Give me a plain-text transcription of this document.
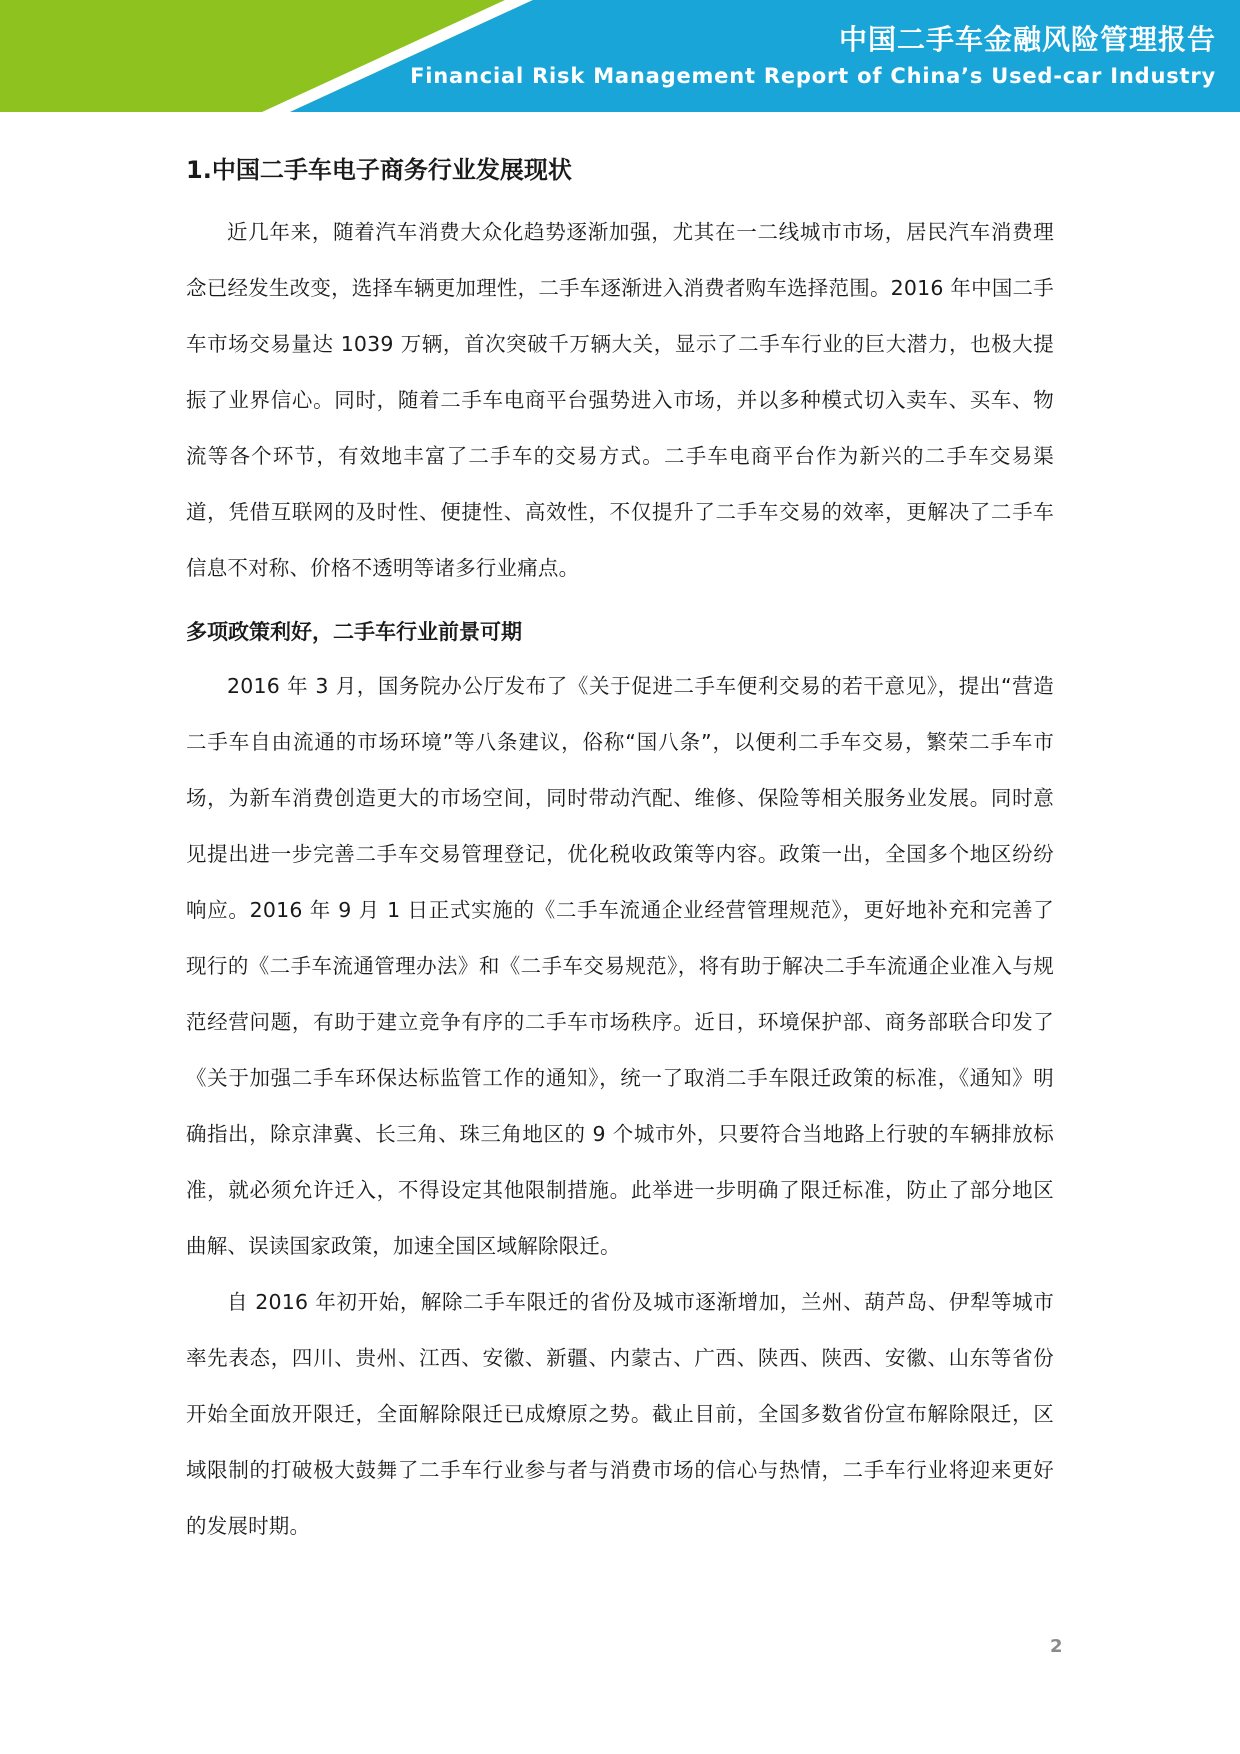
中国二手车金融风险管理报告

Financial Risk Management Report of China’s Used-car Industry

1.中国二手车电子商务行业发展现状

近几年来，随着汽车消费大众化趋势逐渐加强，尤其在一二线城市市场，居民汽车消费理念已经发生改变，选择车辆更加理性，二手车逐渐进入消费者购车选择范围。2016 年中国二手车市场交易量达 1039 万辆，首次突破千万辆大关，显示了二手车行业的巨大潜力，也极大提振了业界信心。同时，随着二手车电商平台强势进入市场，并以多种模式切入卖车、买车、物流等各个环节，有效地丰富了二手车的交易方式。二手车电商平台作为新兴的二手车交易渠道，凭借互联网的及时性、便捷性、高效性，不仅提升了二手车交易的效率，更解决了二手车信息不对称、价格不透明等诸多行业痛点。

多项政策利好，二手车行业前景可期

2016 年 3 月，国务院办公厅发布了《关于促进二手车便利交易的若干意见》，提出“营造二手车自由流通的市场环境”等八条建议，俗称“国八条”，以便利二手车交易，繁荣二手车市场，为新车消费创造更大的市场空间，同时带动汽配、维修、保险等相关服务业发展。同时意见提出进一步完善二手车交易管理登记，优化税收政策等内容。政策一出，全国多个地区纷纷响应。2016 年 9 月 1 日正式实施的《二手车流通企业经营管理规范》，更好地补充和完善了现行的《二手车流通管理办法》和《二手车交易规范》，将有助于解决二手车流通企业准入与规范经营问题，有助于建立竞争有序的二手车市场秩序。近日，环境保护部、商务部联合印发了《关于加强二手车环保达标监管工作的通知》，统一了取消二手车限迁政策的标准，《通知》明确指出，除京津冀、长三角、珠三角地区的 9 个城市外，只要符合当地路上行驶的车辆排放标准，就必须允许迁入，不得设定其他限制措施。此举进一步明确了限迁标准，防止了部分地区曲解、误读国家政策，加速全国区域解除限迁。

自 2016 年初开始，解除二手车限迁的省份及城市逐渐增加，兰州、葫芦岛、伊犁等城市率先表态，四川、贵州、江西、安徽、新疆、内蒙古、广西、陕西、陕西、安徽、山东等省份开始全面放开限迁，全面解除限迁已成燎原之势。截止目前，全国多数省份宣布解除限迁，区域限制的打破极大鼓舞了二手车行业参与者与消费市场的信心与热情，二手车行业将迎来更好的发展时期。

2
